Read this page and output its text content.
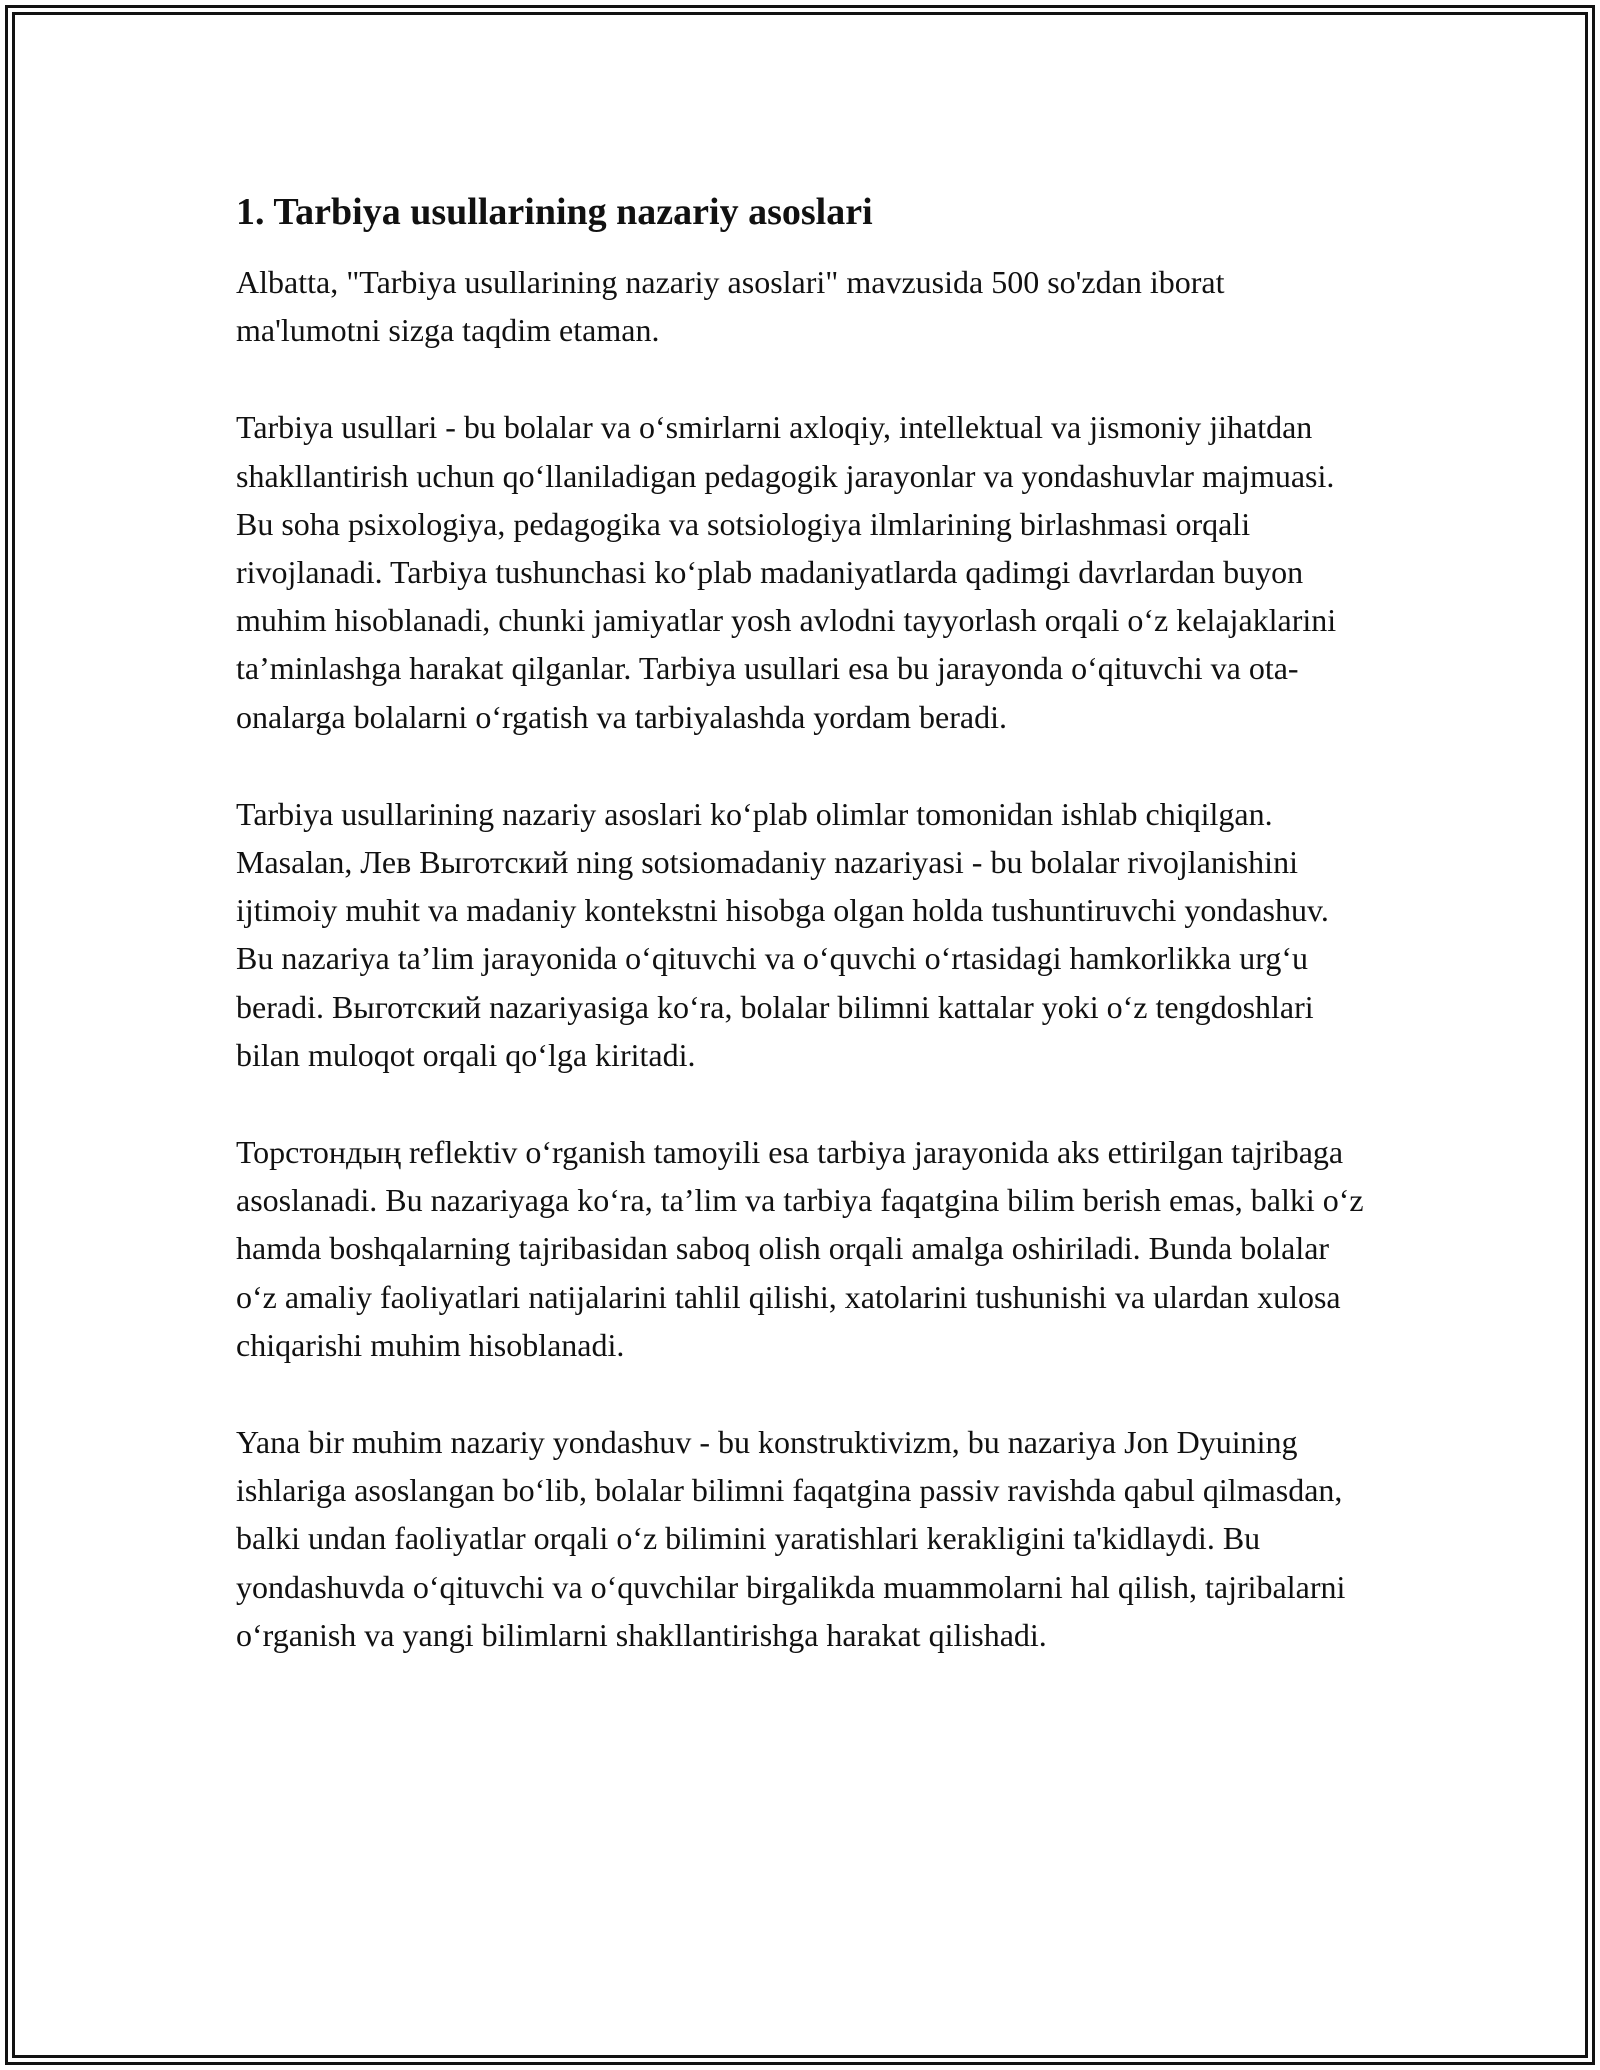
1. Tarbiya usullarining nazariy asoslari

Albatta, "Tarbiya usullarining nazariy asoslari" mavzusida 500 so'zdan iborat ma'lumotni sizga taqdim etaman.

Tarbiya usullari - bu bolalar va o‘smirlarni axloqiy, intellektual va jismoniy jihatdan shakllantirish uchun qo‘llaniladigan pedagogik jarayonlar va yondashuvlar majmuasi. Bu soha psixologiya, pedagogika va sotsiologiya ilmlarining birlashmasi orqali rivojlanadi. Tarbiya tushunchasi ko‘plab madaniyatlarda qadimgi davrlardan buyon muhim hisoblanadi, chunki jamiyatlar yosh avlodni tayyorlash orqali o‘z kelajaklarini ta’minlashga harakat qilganlar. Tarbiya usullari esa bu jarayonda o‘qituvchi va ota-onalarga bolalarni o‘rgatish va tarbiyalashda yordam beradi.

Tarbiya usullarining nazariy asoslari ko‘plab olimlar tomonidan ishlab chiqilgan. Masalan, Лев Выготский ning sotsiomadaniy nazariyasi - bu bolalar rivojlanishini ijtimoiy muhit va madaniy kontekstni hisobga olgan holda tushuntiruvchi yondashuv. Bu nazariya ta’lim jarayonida o‘qituvchi va o‘quvchi o‘rtasidagi hamkorlikka urg‘u beradi. Выготский nazariyasiga ko‘ra, bolalar bilimni kattalar yoki o‘z tengdoshlari bilan muloqot orqali qo‘lga kiritadi.

Торстондың reflektiv o‘rganish tamoyili esa tarbiya jarayonida aks ettirilgan tajribaga asoslanadi. Bu nazariyaga ko‘ra, ta’lim va tarbiya faqatgina bilim berish emas, balki o‘z hamda boshqalarning tajribasidan saboq olish orqali amalga oshiriladi. Bunda bolalar o‘z amaliy faoliyatlari natijalarini tahlil qilishi, xatolarini tushunishi va ulardan xulosa chiqarishi muhim hisoblanadi.

Yana bir muhim nazariy yondashuv - bu konstruktivizm, bu nazariya Jon Dyuining ishlariga asoslangan bo‘lib, bolalar bilimni faqatgina passiv ravishda qabul qilmasdan, balki undan faoliyatlar orqali o‘z bilimini yaratishlari kerakligini ta'kidlaydi. Bu yondashuvda o‘qituvchi va o‘quvchilar birgalikda muammolarni hal qilish, tajribalarni o‘rganish va yangi bilimlarni shakllantirishga harakat qilishadi.
